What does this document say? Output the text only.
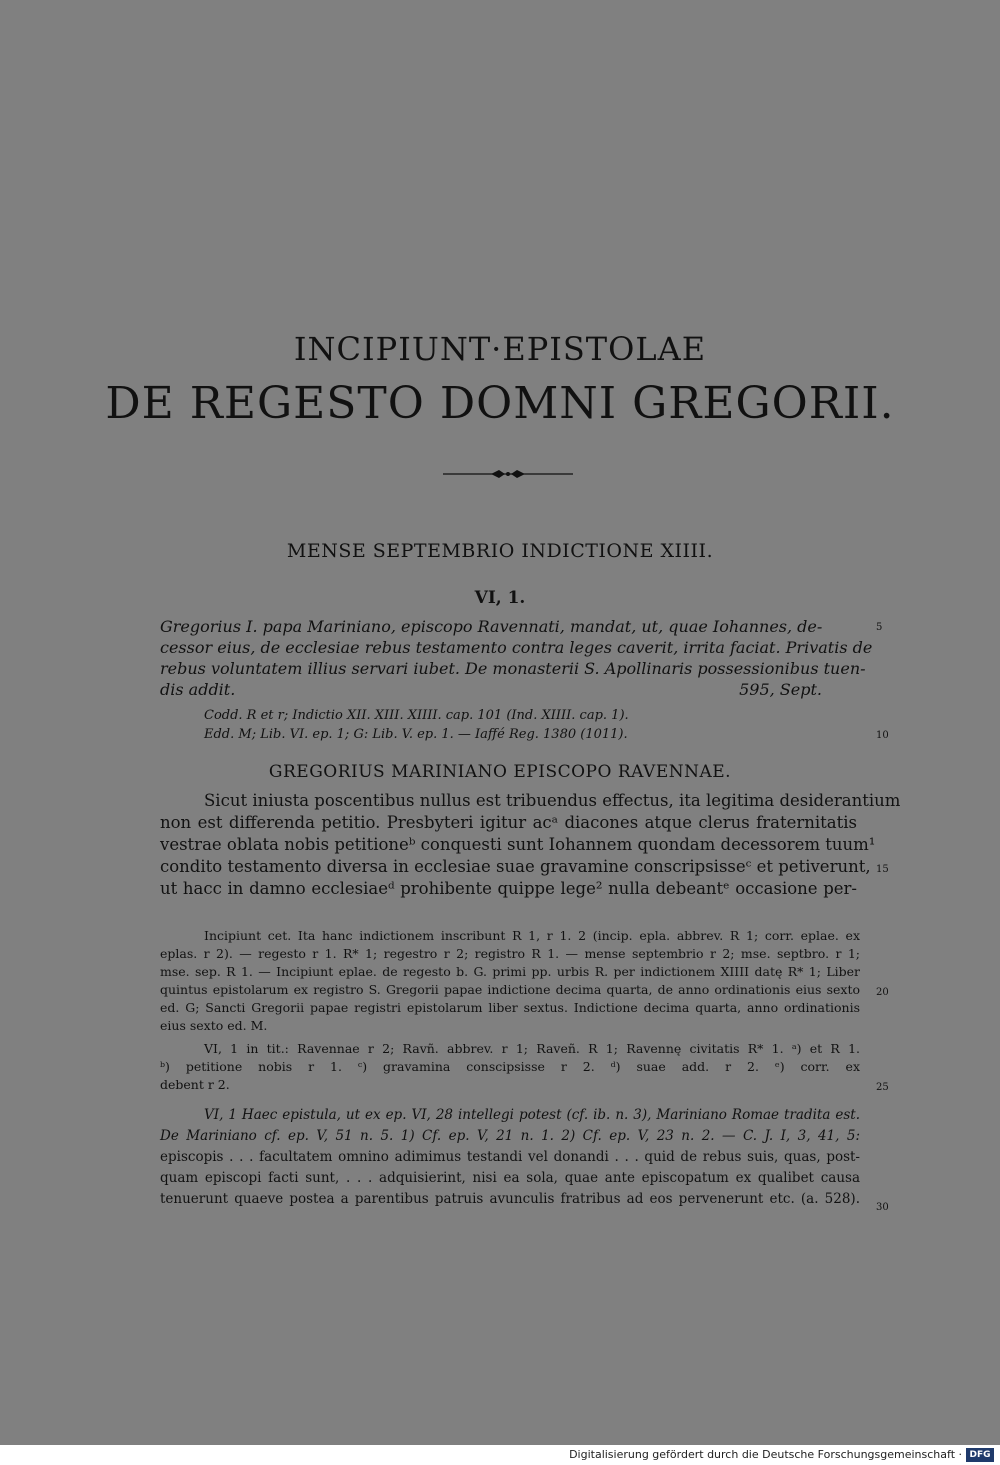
INCIPIUNT·EPISTOLAE
DE REGESTO DOMNI GREGORII.
MENSE SEPTEMBRIO INDICTIONE XIIII.
VI, 1.
Gregorius I. papa Mariniano, episcopo Ravennati, mandat, ut, quae Iohannes, de-
cessor eius, de ecclesiae rebus testamento contra leges caverit, irrita faciat. Privatis de
rebus voluntatem illius servari iubet. De monasterii S. Apollinaris possessionibus tuen-
dis addit.	595, Sept.
Codd. R et r; Indictio XII. XIII. XIIII. cap. 101 (Ind. XIIII. cap. 1).
Edd. M; Lib. VI. ep. 1; G: Lib. V. ep. 1. — Iaffé Reg. 1380 (1011).
GREGORIUS MARINIANO EPISCOPO RAVENNAE.
Sicut iniusta poscentibus nullus est tribuendus effectus, ita legitima desiderantium
non est differenda petitio. Presbyteri igitur acᵃ diacones atque clerus fraternitatis
vestrae oblata nobis petitioneᵇ conquesti sunt Iohannem quondam decessorem tuum¹
condito testamento diversa in ecclesiae suae gravamine conscripsisseᶜ et petiverunt,
ut hacc in damno ecclesiaeᵈ prohibente quippe lege² nulla debeantᵉ occasione per-
Incipiunt cet. Ita hanc indictionem inscribunt R 1, r 1. 2 (incip. epla. abbrev. R 1; corr. eplae. ex
eplas. r 2). — regesto r 1. R* 1; regestro r 2; registro R 1. — mense septembrio r 2; mse. septbro. r 1;
mse. sep. R 1. — Incipiunt eplae. de regesto b. G. primi pp. urbis R. per indictionem XIIII datę R* 1; Liber
quintus epistolarum ex registro S. Gregorii papae indictione decima quarta, de anno ordinationis eius sexto
ed. G; Sancti Gregorii papae registri epistolarum liber sextus. Indictione decima quarta, anno ordinationis
eius sexto ed. M.
VI, 1 in tit.: Ravennae r 2; Ravñ. abbrev. r 1; Raveñ. R 1; Ravennę civitatis R* 1. ᵃ) et R 1.
ᵇ) petitione nobis r 1. ᶜ) gravamina conscipsisse r 2. ᵈ) suae add. r 2. ᵉ) corr. ex
debent r 2.
VI, 1 Haec epistula, ut ex ep. VI, 28 intellegi potest (cf. ib. n. 3), Mariniano Romae tradita est.
De Mariniano cf. ep. V, 51 n. 5. 1) Cf. ep. V, 21 n. 1. 2) Cf. ep. V, 23 n. 2. — C. J. I, 3, 41, 5:
episcopis . . . facultatem omnino adimimus testandi vel donandi . . . quid de rebus suis, quas, post-
quam episcopi facti sunt, . . . adquisierint, nisi ea sola, quae ante episcopatum ex qualibet causa
tenuerunt quaeve postea a parentibus patruis avunculis fratribus ad eos pervenerunt etc. (a. 528).
5
10
15
20
25
30
Digitalisierung gefördert durch die Deutsche Forschungsgemeinschaft · DFG
